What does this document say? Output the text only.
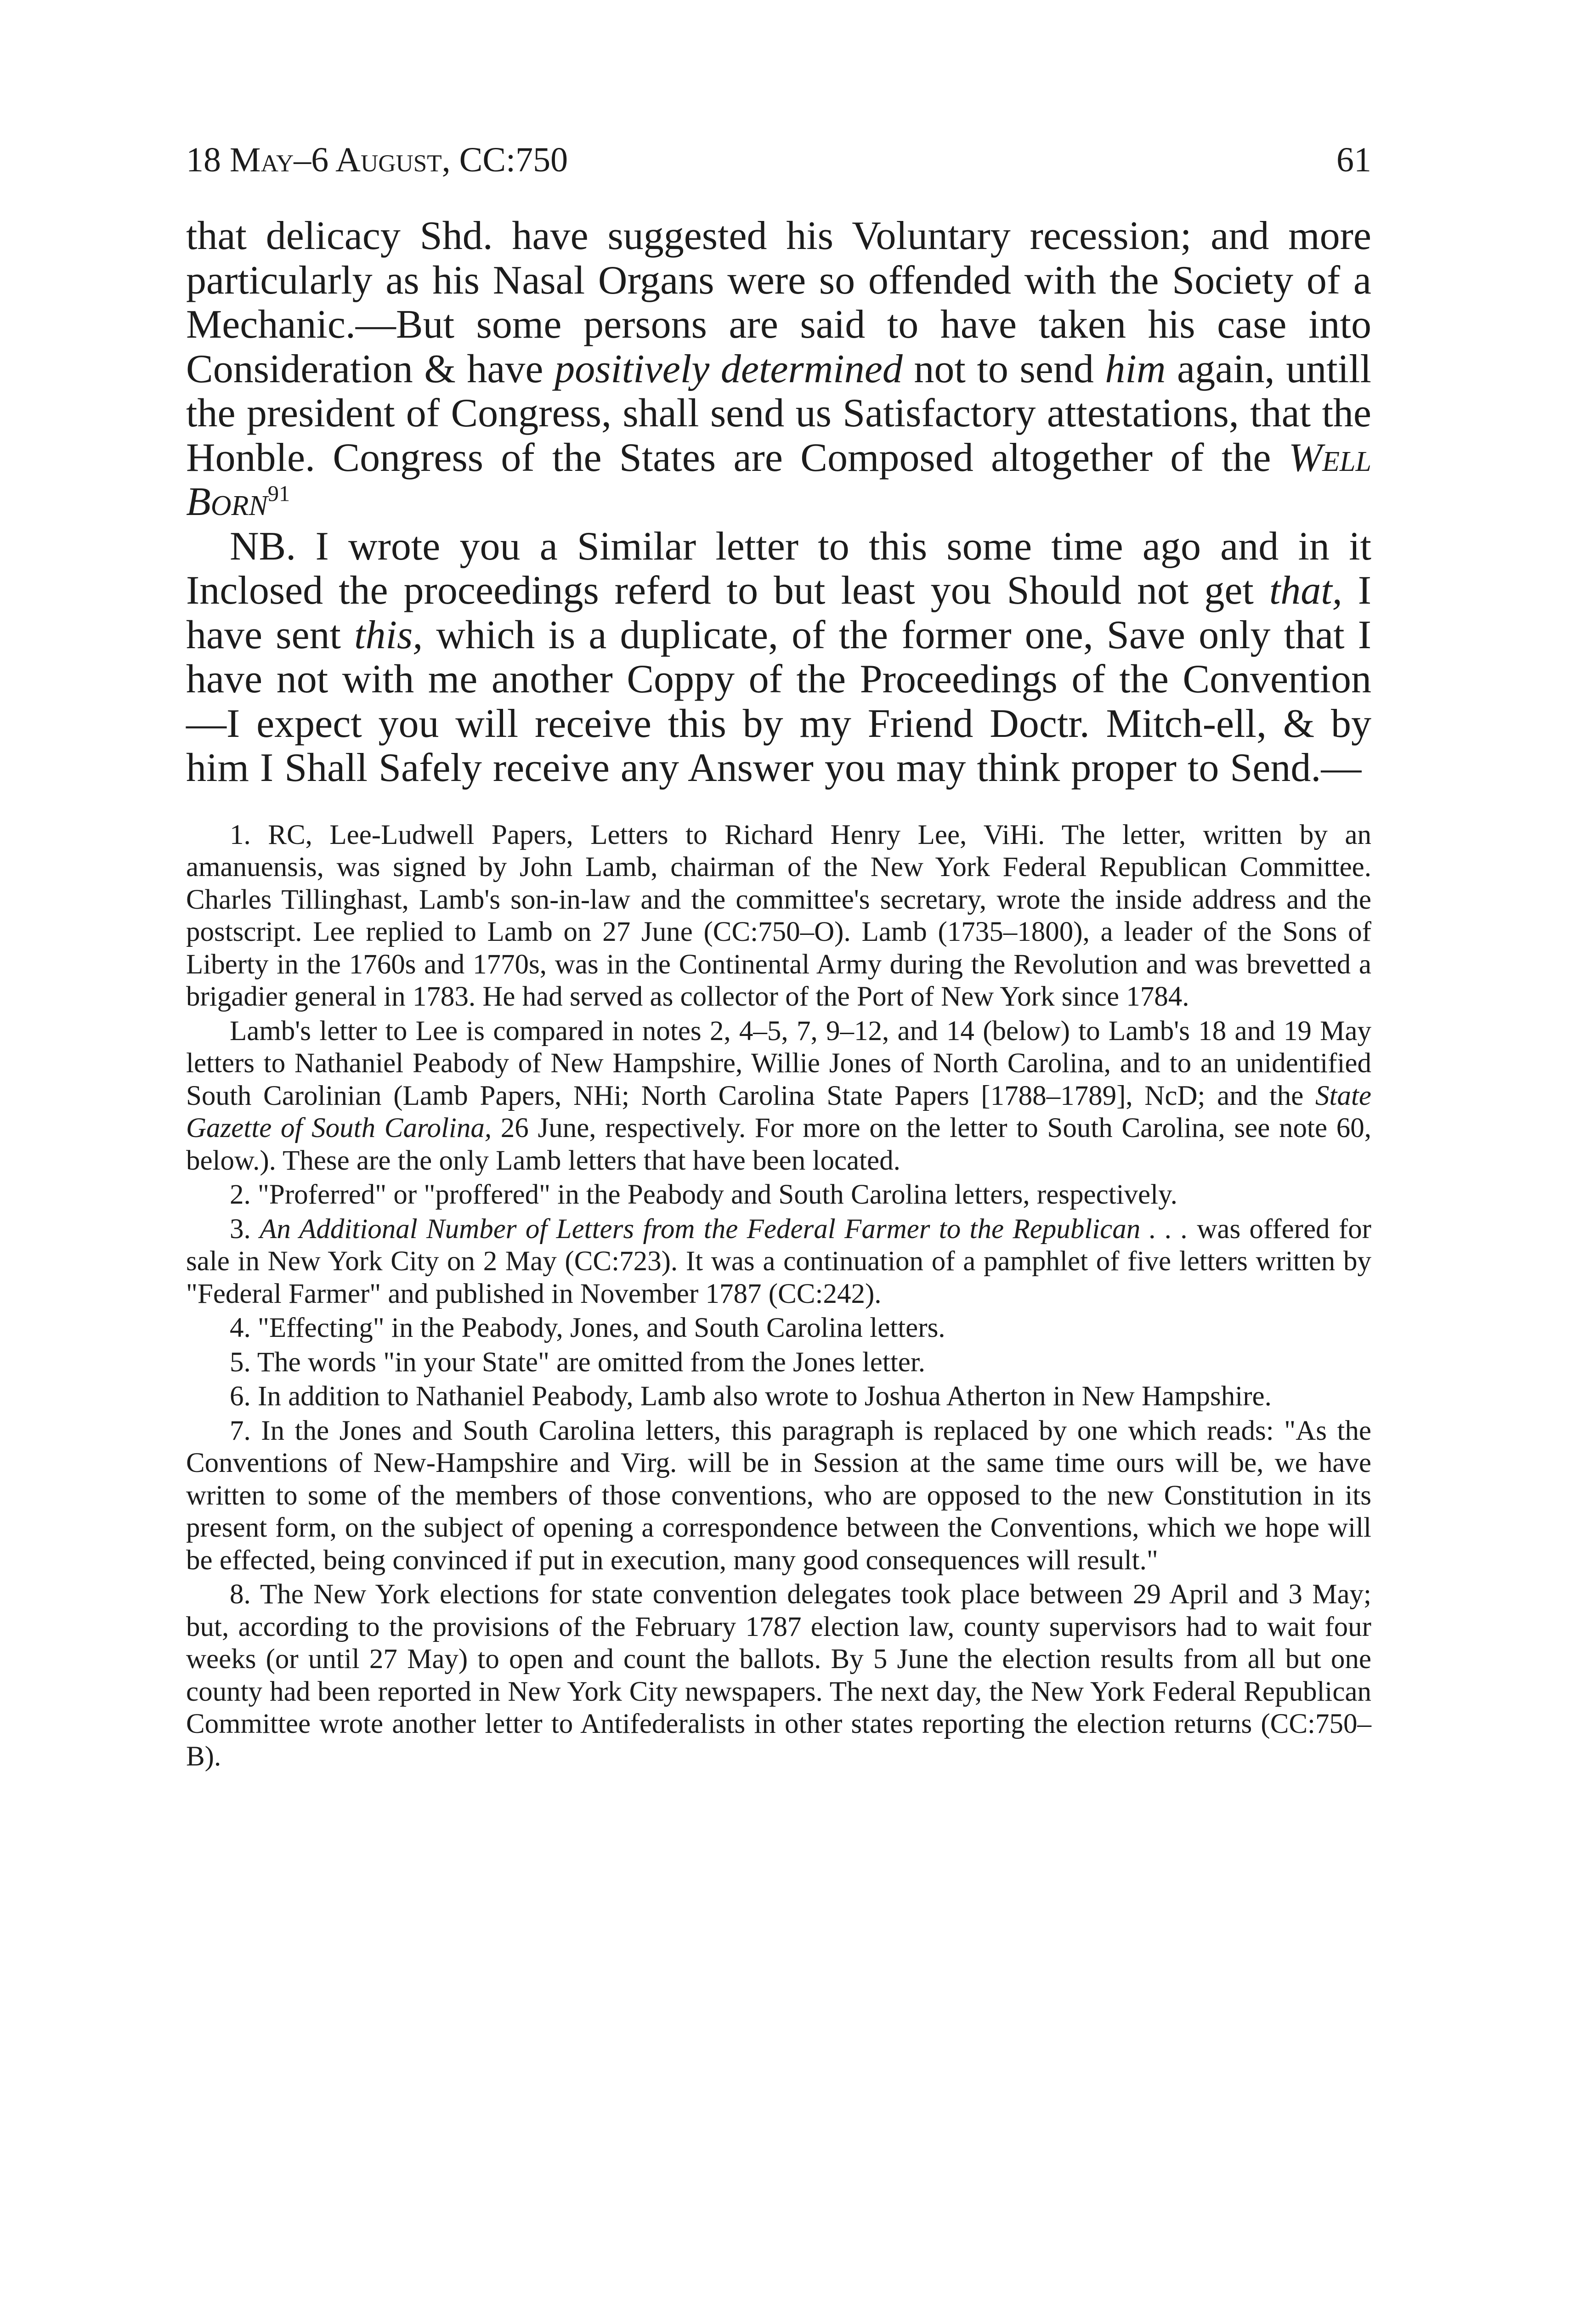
18 May–6 August, CC:750	61

that delicacy Shd. have suggested his Voluntary recession; and more particularly as his Nasal Organs were so offended with the Society of a Mechanic.—But some persons are said to have taken his case into Consideration & have positively determined not to send him again, untill the president of Congress, shall send us Satisfactory attestations, that the Honble. Congress of the States are Composed altogether of the Well Born$^{91}$

NB. I wrote you a Similar letter to this some time ago and in it Inclosed the proceedings referd to but least you Should not get that, I have sent this, which is a duplicate, of the former one, Save only that I have not with me another Coppy of the Proceedings of the Convention—I expect you will receive this by my Friend Doctr. Mitch-ell, & by him I Shall Safely receive any Answer you may think proper to Send.—

1. RC, Lee-Ludwell Papers, Letters to Richard Henry Lee, ViHi. The letter, written by an amanuensis, was signed by John Lamb, chairman of the New York Federal Republican Committee. Charles Tillinghast, Lamb's son-in-law and the committee's secretary, wrote the inside address and the postscript. Lee replied to Lamb on 27 June (CC:750–O). Lamb (1735–1800), a leader of the Sons of Liberty in the 1760s and 1770s, was in the Continental Army during the Revolution and was brevetted a brigadier general in 1783. He had served as collector of the Port of New York since 1784.

Lamb's letter to Lee is compared in notes 2, 4–5, 7, 9–12, and 14 (below) to Lamb's 18 and 19 May letters to Nathaniel Peabody of New Hampshire, Willie Jones of North Carolina, and to an unidentified South Carolinian (Lamb Papers, NHi; North Carolina State Papers [1788–1789], NcD; and the State Gazette of South Carolina, 26 June, respectively. For more on the letter to South Carolina, see note 60, below.). These are the only Lamb letters that have been located.

2. "Proferred" or "proffered" in the Peabody and South Carolina letters, respectively.

3. An Additional Number of Letters from the Federal Farmer to the Republican . . . was offered for sale in New York City on 2 May (CC:723). It was a continuation of a pamphlet of five letters written by "Federal Farmer" and published in November 1787 (CC:242).

4. "Effecting" in the Peabody, Jones, and South Carolina letters.

5. The words "in your State" are omitted from the Jones letter.

6. In addition to Nathaniel Peabody, Lamb also wrote to Joshua Atherton in New Hampshire.

7. In the Jones and South Carolina letters, this paragraph is replaced by one which reads: "As the Conventions of New-Hampshire and Virg. will be in Session at the same time ours will be, we have written to some of the members of those conventions, who are opposed to the new Constitution in its present form, on the subject of opening a correspondence between the Conventions, which we hope will be effected, being convinced if put in execution, many good consequences will result."

8. The New York elections for state convention delegates took place between 29 April and 3 May; but, according to the provisions of the February 1787 election law, county supervisors had to wait four weeks (or until 27 May) to open and count the ballots. By 5 June the election results from all but one county had been reported in New York City newspapers. The next day, the New York Federal Republican Committee wrote another letter to Antifederalists in other states reporting the election returns (CC:750–B).
